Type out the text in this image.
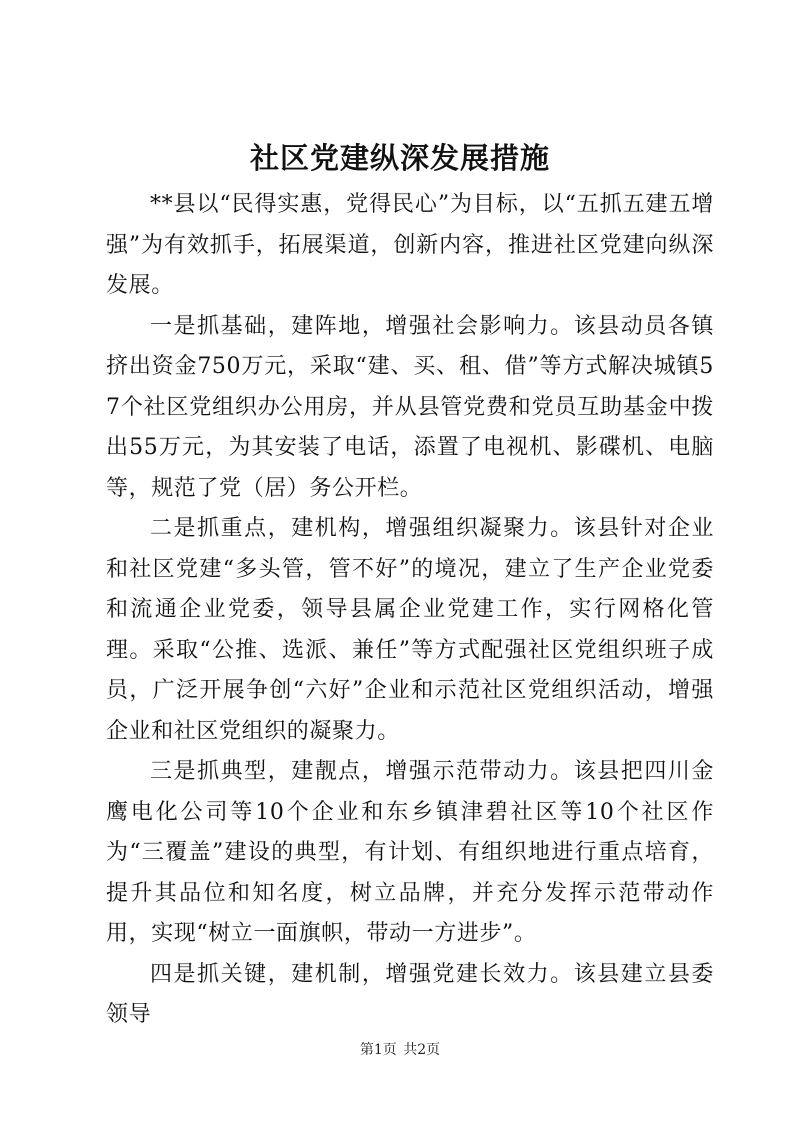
社区党建纵深发展措施

**县以“民得实惠，党得民心”为目标，以“五抓五建五增强”为有效抓手，拓展渠道，创新内容，推进社区党建向纵深发展。

一是抓基础，建阵地，增强社会影响力。该县动员各镇挤出资金750万元，采取“建、买、租、借”等方式解决城镇57个社区党组织办公用房，并从县管党费和党员互助基金中拨出55万元，为其安装了电话，添置了电视机、影碟机、电脑等，规范了党（居）务公开栏。

二是抓重点，建机构，增强组织凝聚力。该县针对企业和社区党建“多头管，管不好”的境况，建立了生产企业党委和流通企业党委，领导县属企业党建工作，实行网格化管理。采取“公推、选派、兼任”等方式配强社区党组织班子成员，广泛开展争创“六好”企业和示范社区党组织活动，增强企业和社区党组织的凝聚力。

三是抓典型，建靓点，增强示范带动力。该县把四川金鹰电化公司等10个企业和东乡镇津碧社区等10个社区作为“三覆盖”建设的典型，有计划、有组织地进行重点培育，提升其品位和知名度，树立品牌，并充分发挥示范带动作用，实现“树立一面旗帜，带动一方进步”。

四是抓关键，建机制，增强党建长效力。该县建立县委领导

第1页 共2页
